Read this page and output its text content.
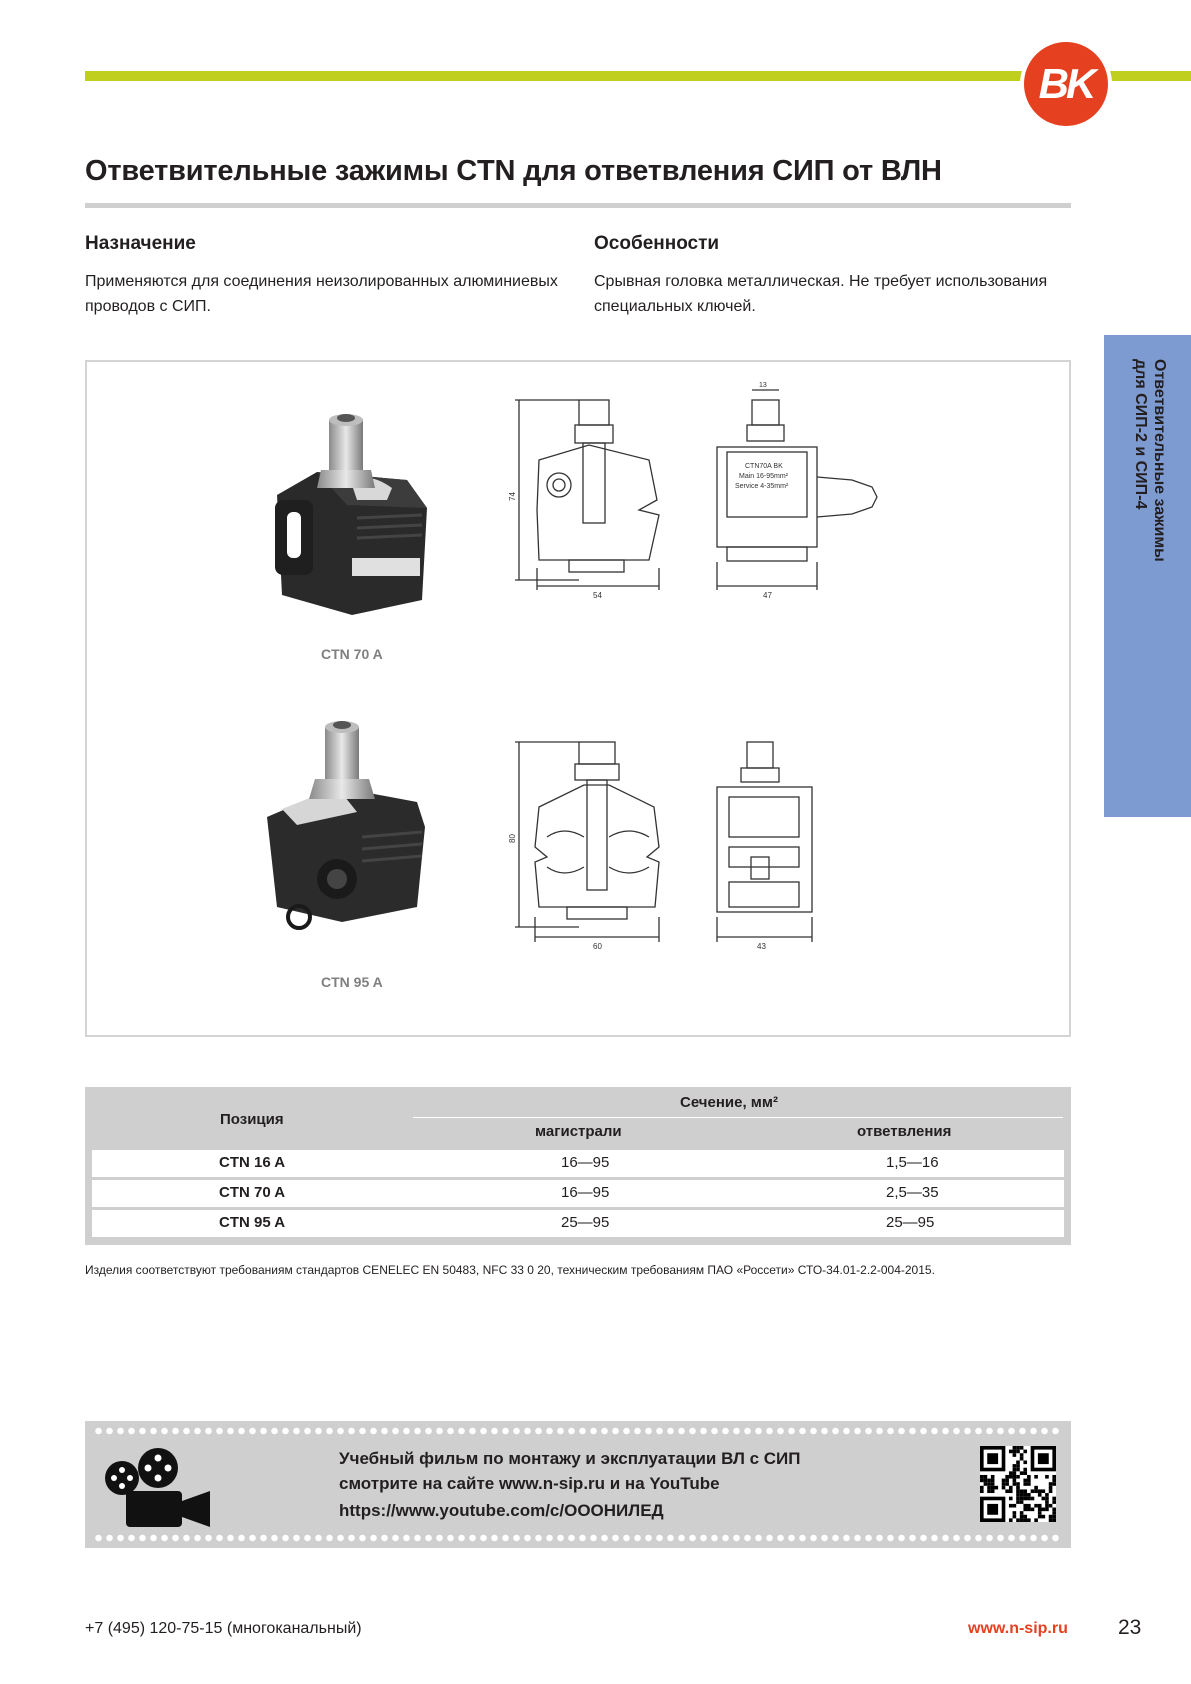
BK
Ответвительные зажимы CTN для ответвления СИП от ВЛН
Назначение
Применяются для соединения неизолированных алюминиевых
проводов с СИП.
Особенности
Срывная головка металлическая. Не требует использования
специальных ключей.
Ответвительные зажимы
для СИП-2 и СИП-4
CTN 70 A
74
54
13
CTN70A BK
Main 16-95mm²
Service 4-35mm²
47
CTN 95 A
80
60	43
Позиция
Сечение, мм²
магистрали	ответвления
CTN 16 A	16—95	1,5—16
CTN 70 A	16—95	2,5—35
CTN 95 A	25—95	25—95
Изделия соответствуют требованиям стандартов CENELEC EN 50483, NFC 33 0 20, техническим требованиям ПАО «Россети» СТО-34.01-2.2-004-2015.
Учебный фильм по монтажу и эксплуатации ВЛ с СИП
смотрите на сайте www.n-sip.ru и на YouTube
https://www.youtube.com/c/ОООНИЛЕД
+7 (495) 120-75-15 (многоканальный)	www.n-sip.ru 23
